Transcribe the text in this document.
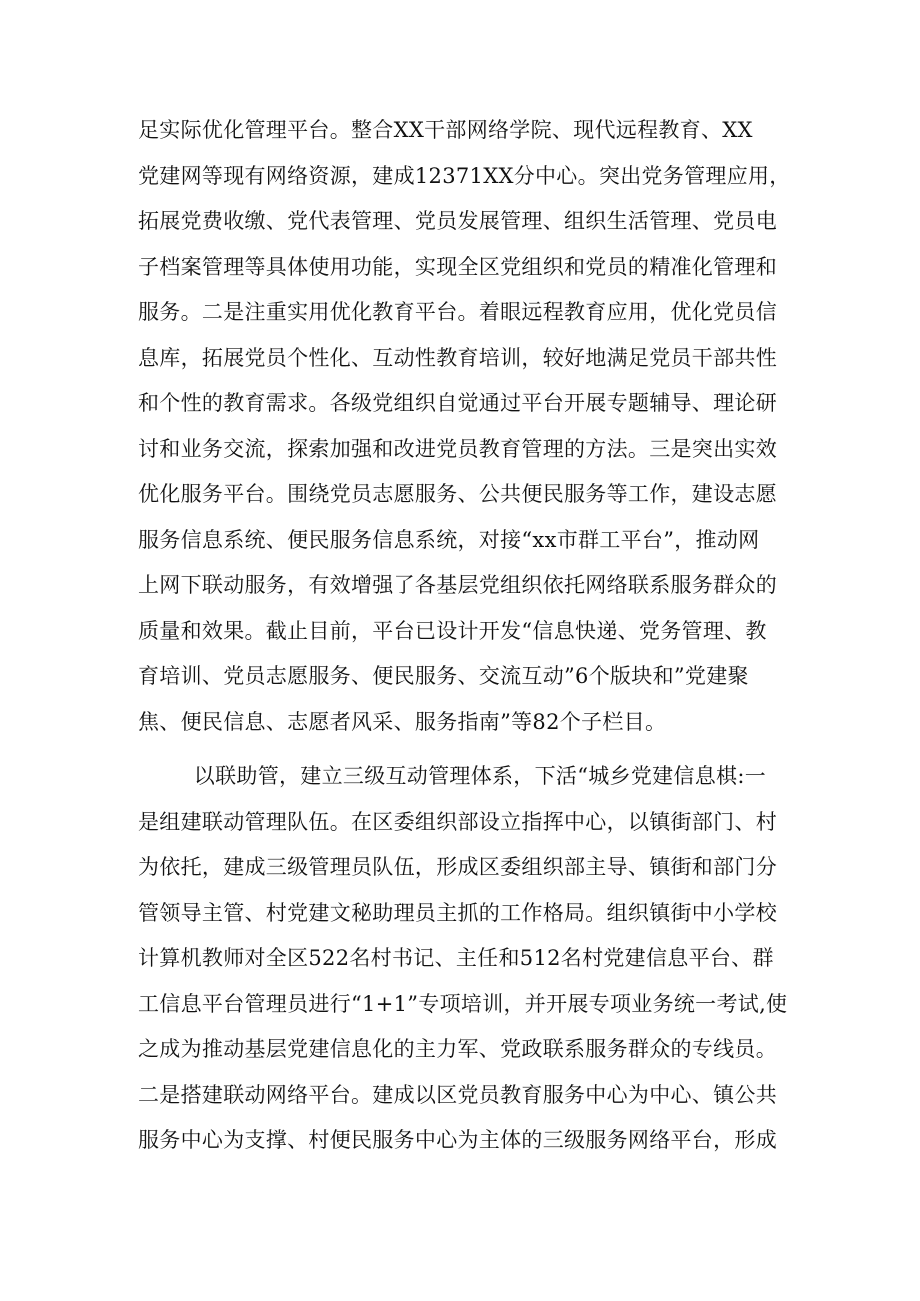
足实际优化管理平台。整合XX干部网络学院、现代远程教育、XX
党建网等现有网络资源，建成12371XX分中心。突出党务管理应用，
拓展党费收缴、党代表管理、党员发展管理、组织生活管理、党员电
子档案管理等具体使用功能，实现全区党组织和党员的精准化管理和
服务。二是注重实用优化教育平台。着眼远程教育应用，优化党员信
息库，拓展党员个性化、互动性教育培训，较好地满足党员干部共性
和个性的教育需求。各级党组织自觉通过平台开展专题辅导、理论研
讨和业务交流，探索加强和改进党员教育管理的方法。三是突出实效
优化服务平台。围绕党员志愿服务、公共便民服务等工作，建设志愿
服务信息系统、便民服务信息系统，对接“xx市群工平台”，推动网
上网下联动服务，有效增强了各基层党组织依托网络联系服务群众的
质量和效果。截止目前，平台已设计开发“信息快递、党务管理、教
育培训、党员志愿服务、便民服务、交流互动”6个版块和”党建聚
焦、便民信息、志愿者风采、服务指南”等82个子栏目。
以联助管，建立三级互动管理体系，下活“城乡党建信息棋:一
是组建联动管理队伍。在区委组织部设立指挥中心，以镇街部门、村
为依托，建成三级管理员队伍，形成区委组织部主导、镇街和部门分
管领导主管、村党建文秘助理员主抓的工作格局。组织镇街中小学校
计算机教师对全区522名村书记、主任和512名村党建信息平台、群
工信息平台管理员进行“1+1”专项培训，并开展专项业务统一考试,使
之成为推动基层党建信息化的主力军、党政联系服务群众的专线员。
二是搭建联动网络平台。建成以区党员教育服务中心为中心、镇公共
服务中心为支撑、村便民服务中心为主体的三级服务网络平台，形成
